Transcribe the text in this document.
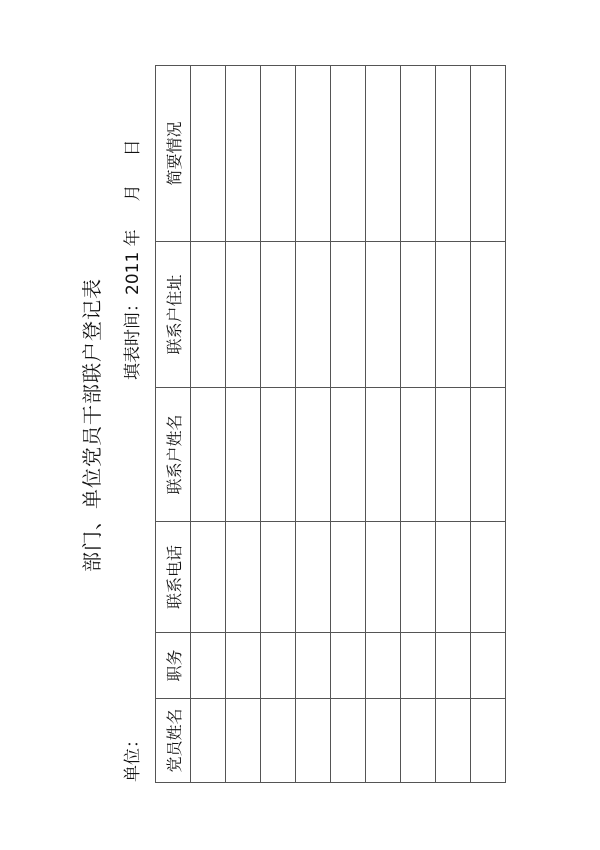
部门、单位党员干部联户登记表
单位：
填表时间：2011 年月日
党员姓名	职务	联系电话	联系户姓名	联系户住址	简要情况
